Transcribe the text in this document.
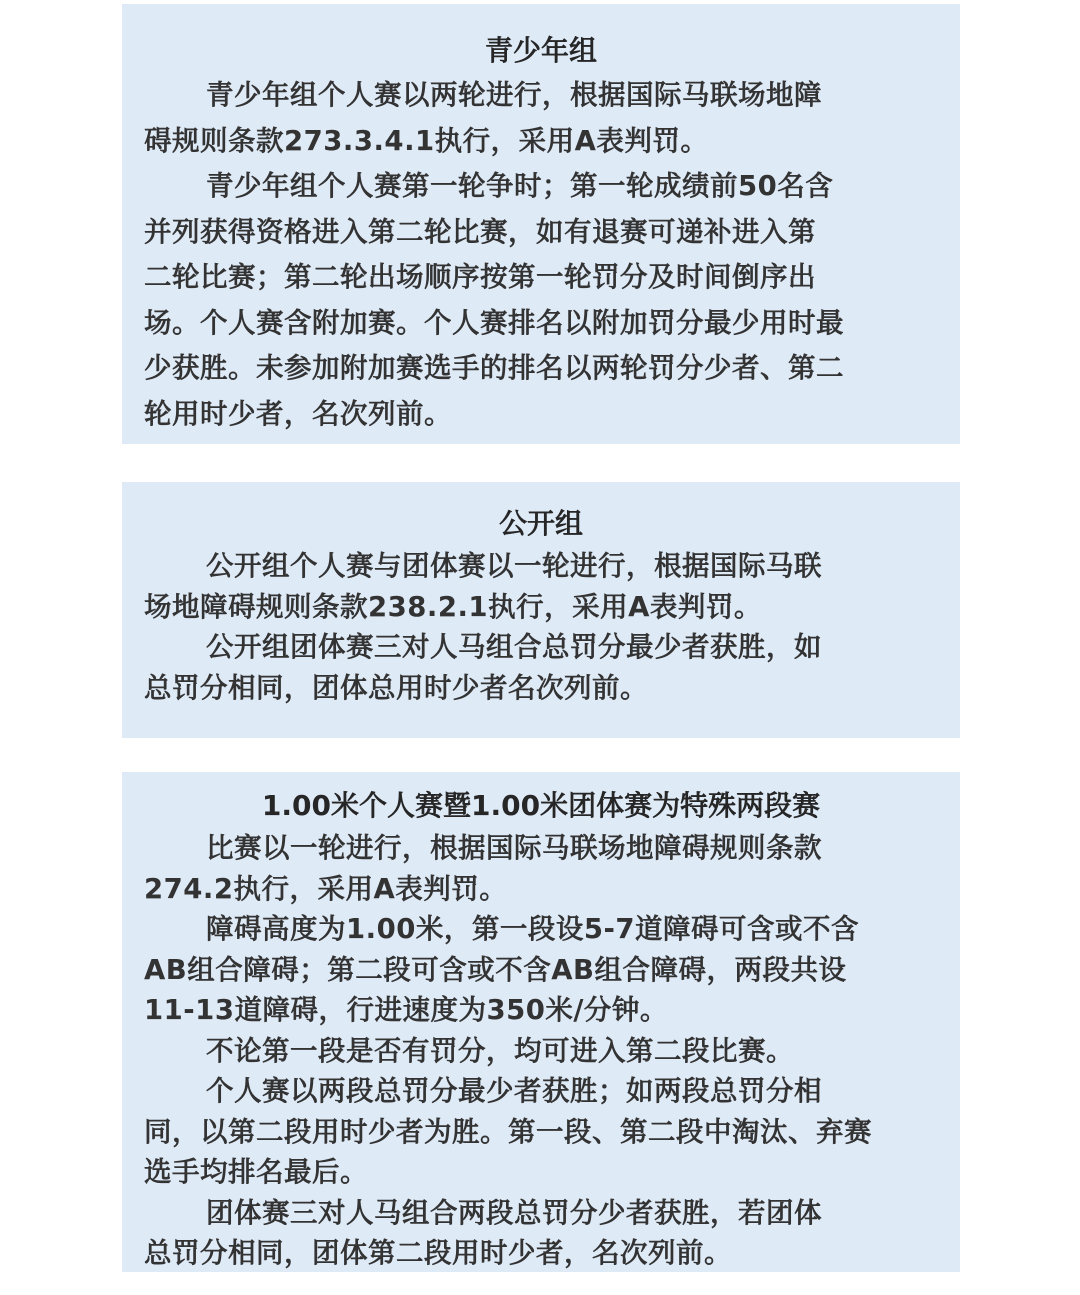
青少年组

青少年组个人赛以两轮进行，根据国际马联场地障
碍规则条款273.3.4.1执行，采用A表判罚。

青少年组个人赛第一轮争时；第一轮成绩前50名含
并列获得资格进入第二轮比赛，如有退赛可递补进入第
二轮比赛；第二轮出场顺序按第一轮罚分及时间倒序出
场。个人赛含附加赛。个人赛排名以附加罚分最少用时最
少获胜。未参加附加赛选手的排名以两轮罚分少者、第二
轮用时少者，名次列前。

公开组

公开组个人赛与团体赛以一轮进行，根据国际马联
场地障碍规则条款238.2.1执行，采用A表判罚。

公开组团体赛三对人马组合总罚分最少者获胜，如
总罚分相同，团体总用时少者名次列前。

1.00米个人赛暨1.00米团体赛为特殊两段赛

比赛以一轮进行，根据国际马联场地障碍规则条款
274.2执行，采用A表判罚。

障碍高度为1.00米，第一段设5-7道障碍可含或不含
AB组合障碍；第二段可含或不含AB组合障碍，两段共设
11-13道障碍，行进速度为350米/分钟。

不论第一段是否有罚分，均可进入第二段比赛。

个人赛以两段总罚分最少者获胜；如两段总罚分相
同，以第二段用时少者为胜。第一段、第二段中淘汰、弃赛
选手均排名最后。

团体赛三对人马组合两段总罚分少者获胜，若团体
总罚分相同，团体第二段用时少者，名次列前。
